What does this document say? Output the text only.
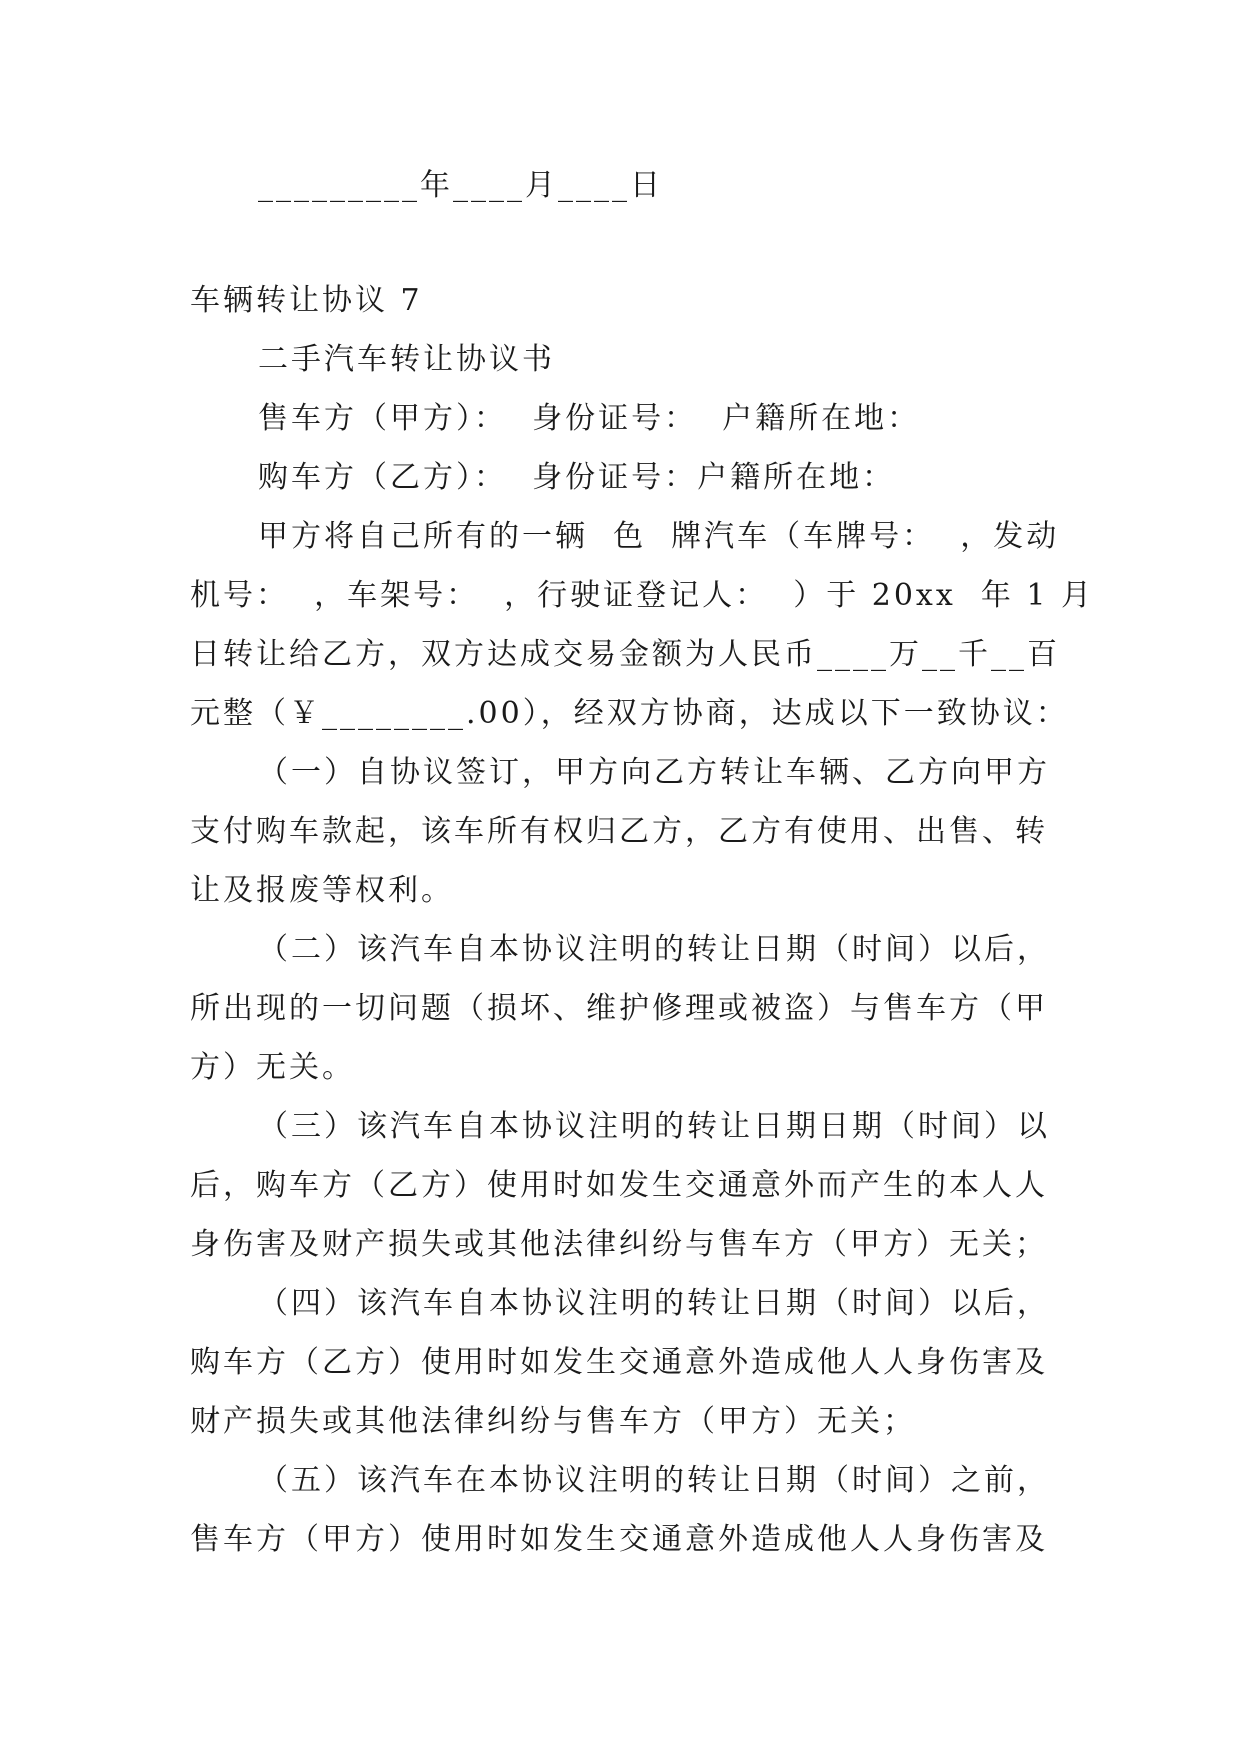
_________年____月____日
车辆转让协议 7
二手汽车转让协议书
售车方（甲方）：  身份证号：  户籍所在地：
购车方（乙方）：  身份证号：户籍所在地：
甲方将自己所有的一辆  色  牌汽车（车牌号：  ，发动
机号：  ，车架号：  ，行驶证登记人：  ）于 20xx  年 1 月
日转让给乙方，双方达成交易金额为人民币____万__千__百
元整（￥________.00），经双方协商，达成以下一致协议：
（一）自协议签订，甲方向乙方转让车辆、乙方向甲方
支付购车款起，该车所有权归乙方，乙方有使用、出售、转
让及报废等权利。
（二）该汽车自本协议注明的转让日期（时间）以后，
所出现的一切问题（损坏、维护修理或被盗）与售车方（甲
方）无关。
（三）该汽车自本协议注明的转让日期日期（时间）以
后，购车方（乙方）使用时如发生交通意外而产生的本人人
身伤害及财产损失或其他法律纠纷与售车方（甲方）无关；
（四）该汽车自本协议注明的转让日期（时间）以后，
购车方（乙方）使用时如发生交通意外造成他人人身伤害及
财产损失或其他法律纠纷与售车方（甲方）无关；
（五）该汽车在本协议注明的转让日期（时间）之前，
售车方（甲方）使用时如发生交通意外造成他人人身伤害及
